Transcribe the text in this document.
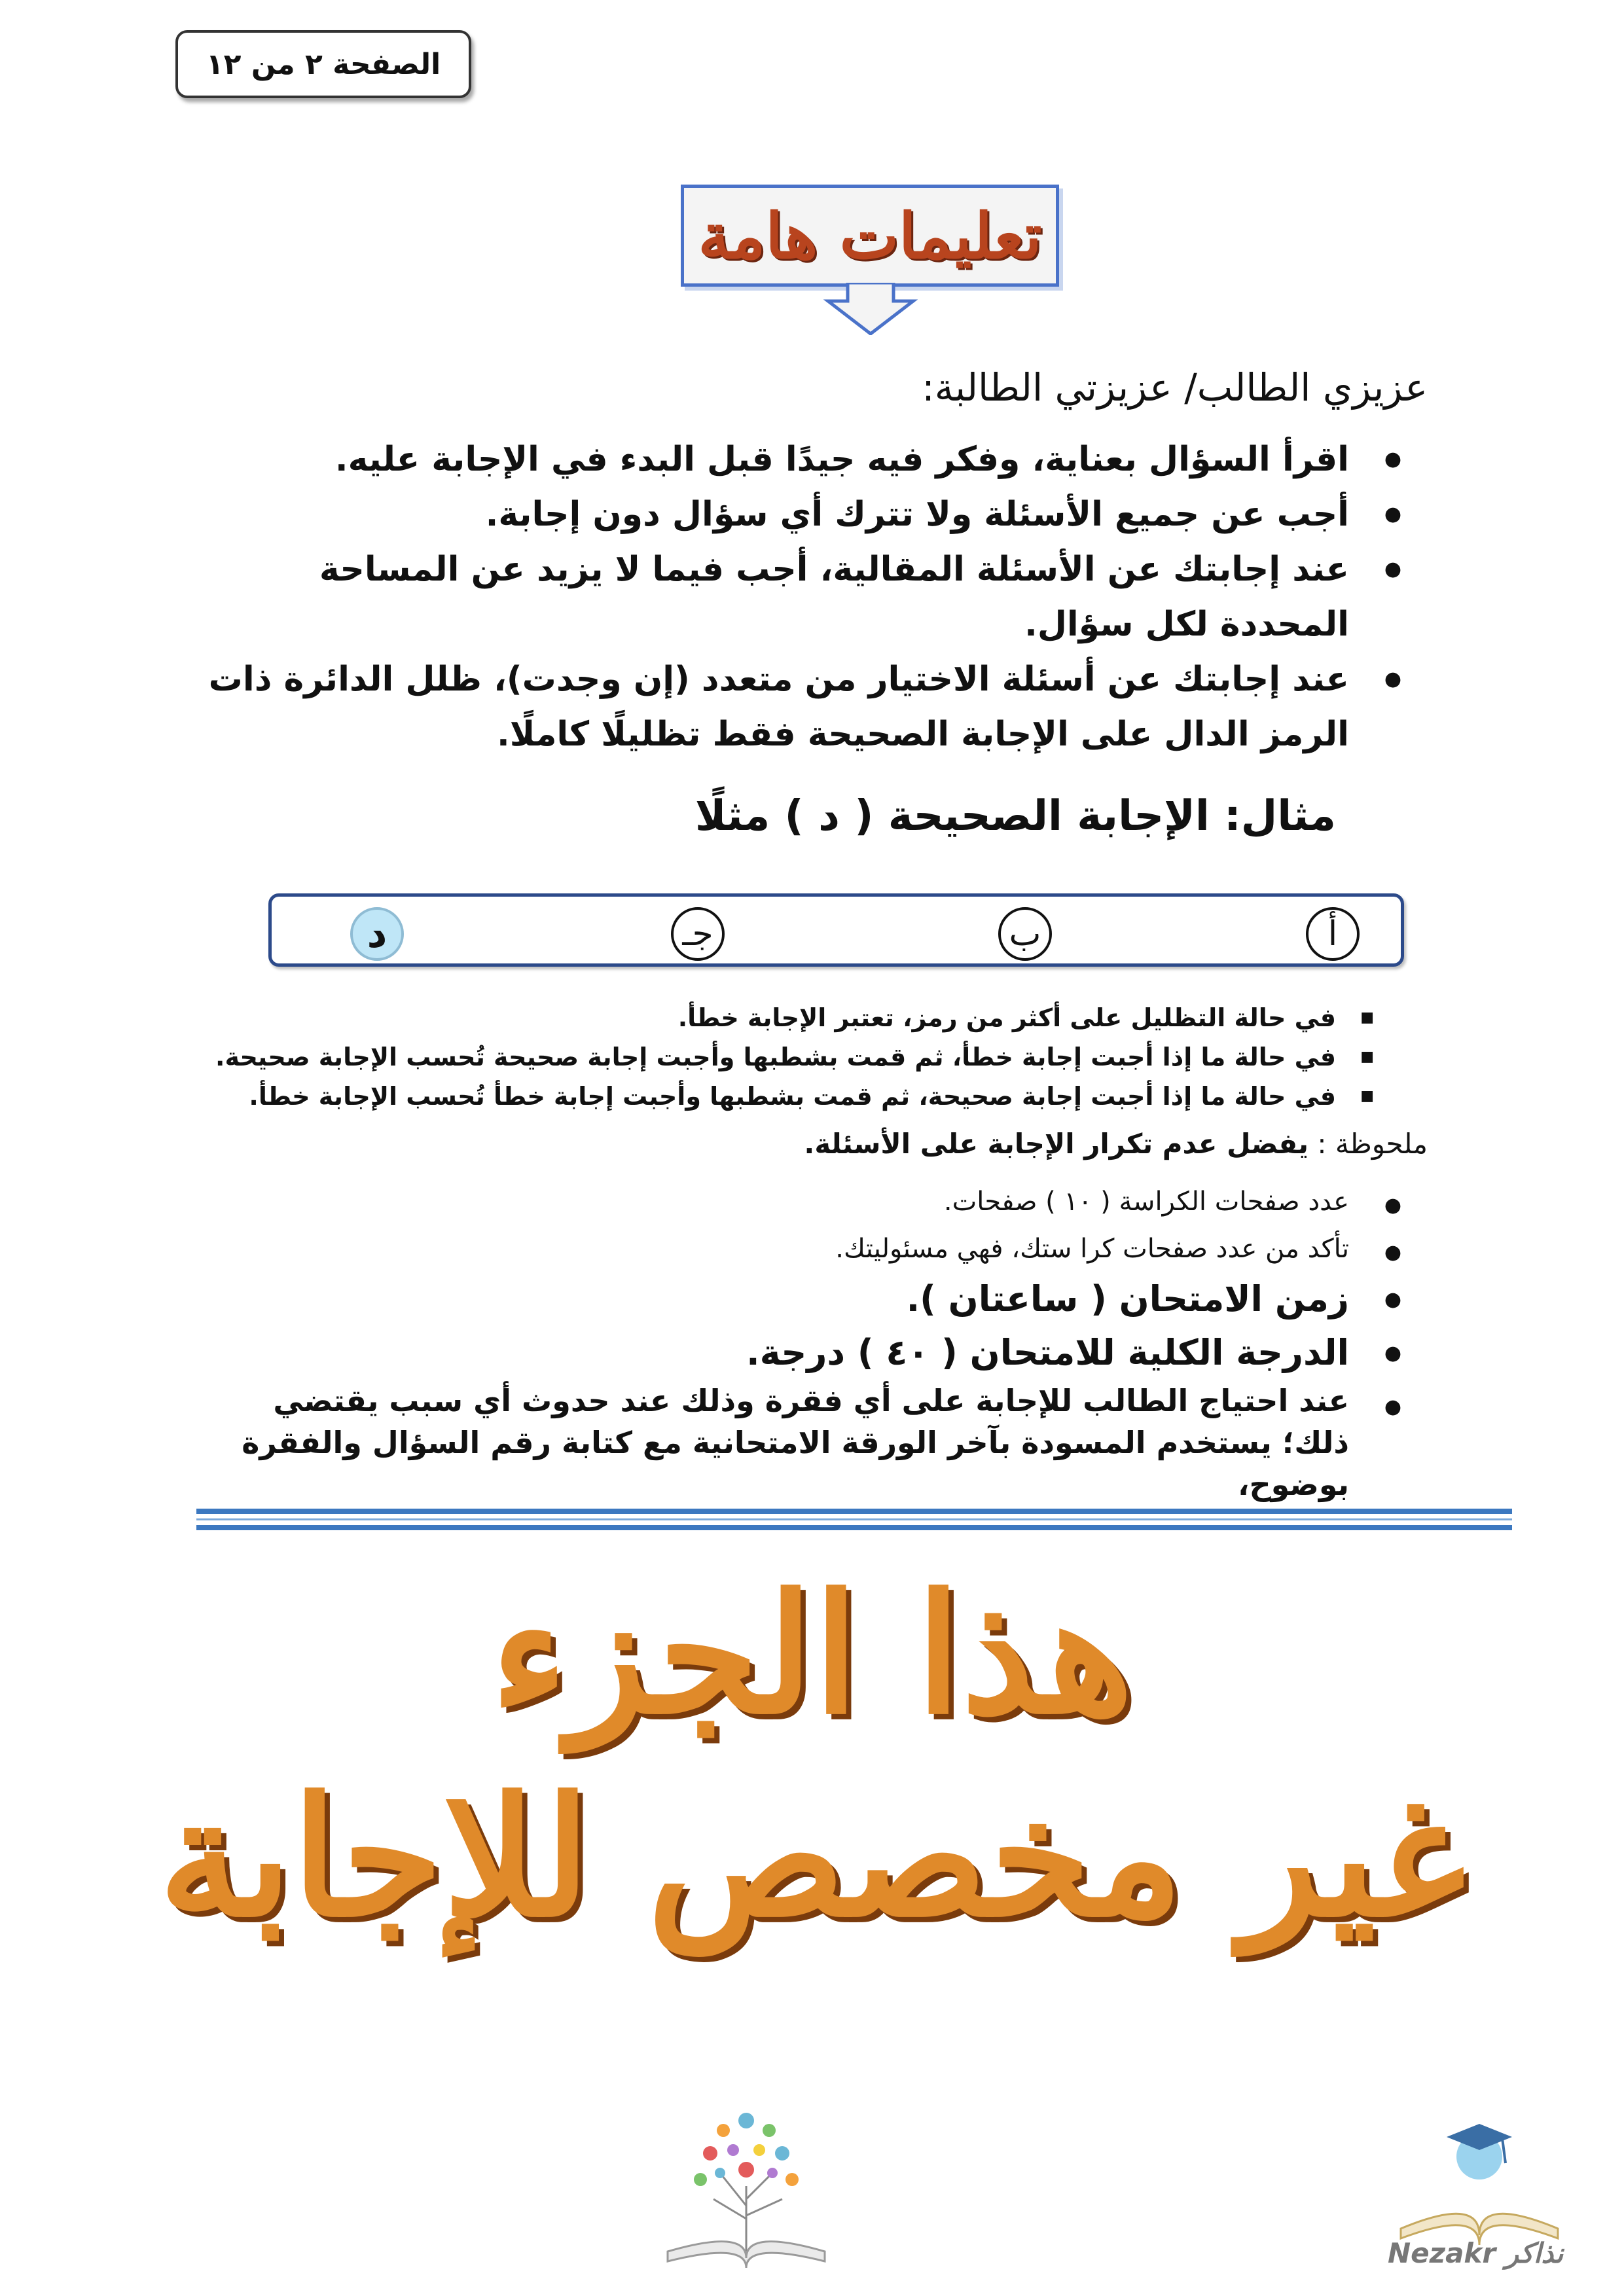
الصفحة ٢ من ١٢
تعليمات هامة
عزيزي الطالب/ عزيزتي الطالبة:
● اقرأ السؤال بعناية، وفكر فيه جيدًا قبل البدء في الإجابة عليه.
● أجب عن جميع الأسئلة ولا تترك أي سؤال دون إجابة.
● عند إجابتك عن الأسئلة المقالية، أجب فيما لا يزيد عن المساحة المحددة لكل سؤال.
● عند إجابتك عن أسئلة الاختيار من متعدد (إن وجدت)، ظلل الدائرة ذات الرمز الدال على الإجابة الصحيحة فقط تظليلًا كاملًا.
مثال: الإجابة الصحيحة ( د ) مثلًا
أ
ب
جـ
د
■ في حالة التظليل على أكثر من رمز، تعتبر الإجابة خطأ.
■ في حالة ما إذا أجبت إجابة خطأ، ثم قمت بشطبها وأجبت إجابة صحيحة تُحسب الإجابة صحيحة.
■ في حالة ما إذا أجبت إجابة صحيحة، ثم قمت بشطبها وأجبت إجابة خطأ تُحسب الإجابة خطأ.
ملحوظة : يفضل عدم تكرار الإجابة على الأسئلة.
● عدد صفحات الكراسة ( ١٠ ) صفحات.
● تأكد من عدد صفحات كرا ستك، فهي مسئوليتك.
● زمن الامتحان ( ساعتان ).
● الدرجة الكلية للامتحان ( ٤٠ ) درجة.
● عند احتياج الطالب للإجابة على أي فقرة وذلك عند حدوث أي سبب يقتضي ذلك؛ يستخدم المسودة بآخر الورقة الامتحانية مع كتابة رقم السؤال والفقرة بوضوح،
هذا الجزء
غير مخصص للإجابة
Nezakr نذاكر
